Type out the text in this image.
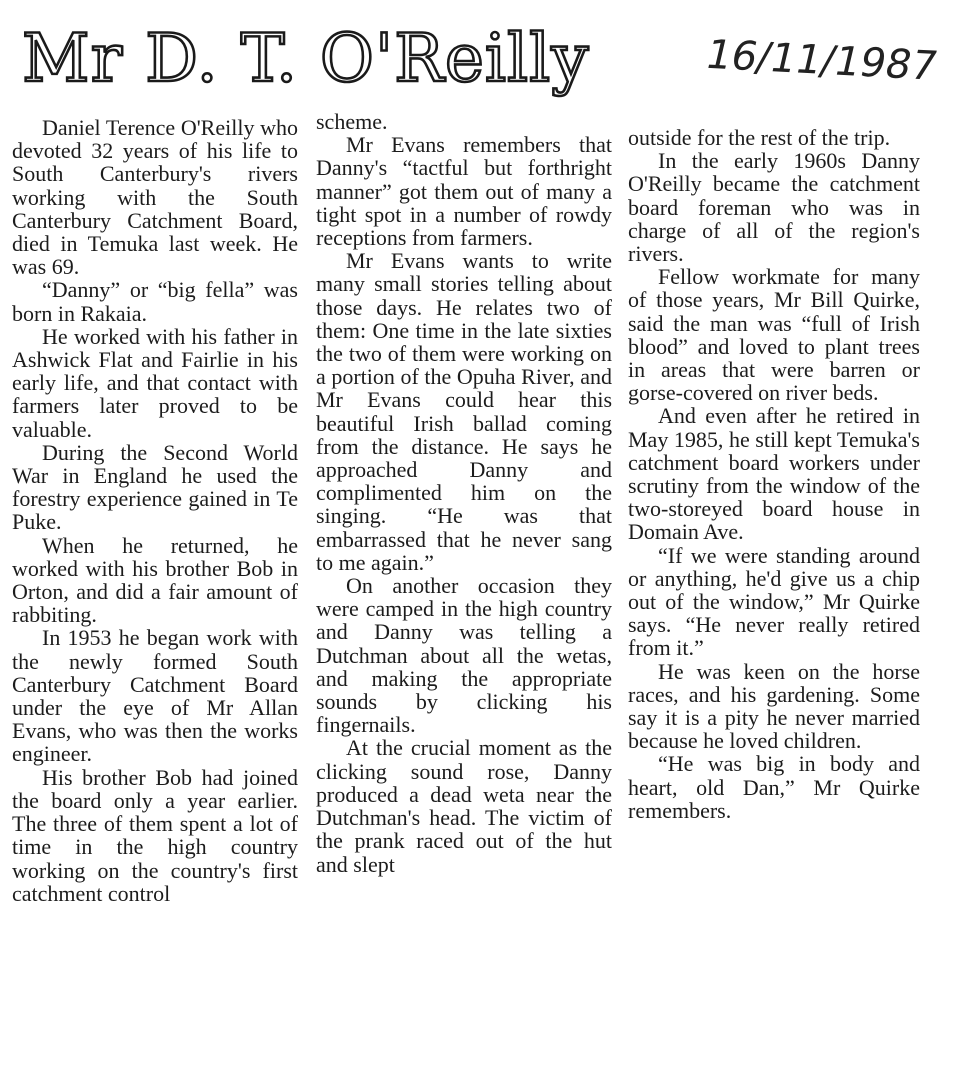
Mr D. T. O'Reilly	16/11/1987

Daniel Terence O'Reilly who devoted 32 years of his life to South Canterbury's rivers working with the South Canterbury Catchment Board, died in Temuka last week. He was 69.

“Danny” or “big fella” was born in Rakaia.

He worked with his father in Ashwick Flat and Fairlie in his early life, and that contact with farmers later proved to be valuable.

During the Second World War in England he used the forestry experience gained in Te Puke.

When he returned, he worked with his brother Bob in Orton, and did a fair amount of rabbiting.

In 1953 he began work with the newly formed South Canterbury Catchment Board under the eye of Mr Allan Evans, who was then the works engineer.

His brother Bob had joined the board only a year earlier. The three of them spent a lot of time in the high country working on the country's first catchment control

scheme.

Mr Evans remembers that Danny's “tactful but forthright manner” got them out of many a tight spot in a number of rowdy receptions from farmers.

Mr Evans wants to write many small stories telling about those days. He relates two of them: One time in the late sixties the two of them were working on a portion of the Opuha River, and Mr Evans could hear this beautiful Irish ballad coming from the distance. He says he approached Danny and complimented him on the singing. “He was that embarrassed that he never sang to me again.”

On another occasion they were camped in the high country and Danny was telling a Dutchman about all the wetas, and making the appropriate sounds by clicking his fingernails.

At the crucial moment as the clicking sound rose, Danny produced a dead weta near the Dutchman's head. The victim of the prank raced out of the hut and slept

outside for the rest of the trip.

In the early 1960s Danny O'Reilly became the catchment board foreman who was in charge of all of the region's rivers.

Fellow workmate for many of those years, Mr Bill Quirke, said the man was “full of Irish blood” and loved to plant trees in areas that were barren or gorse-covered on river beds.

And even after he retired in May 1985, he still kept Temuka's catchment board workers under scrutiny from the window of the two-storeyed board house in Domain Ave.

“If we were standing around or anything, he'd give us a chip out of the window,” Mr Quirke says. “He never really retired from it.”

He was keen on the horse races, and his gardening. Some say it is a pity he never married because he loved children.

“He was big in body and heart, old Dan,” Mr Quirke remembers.
